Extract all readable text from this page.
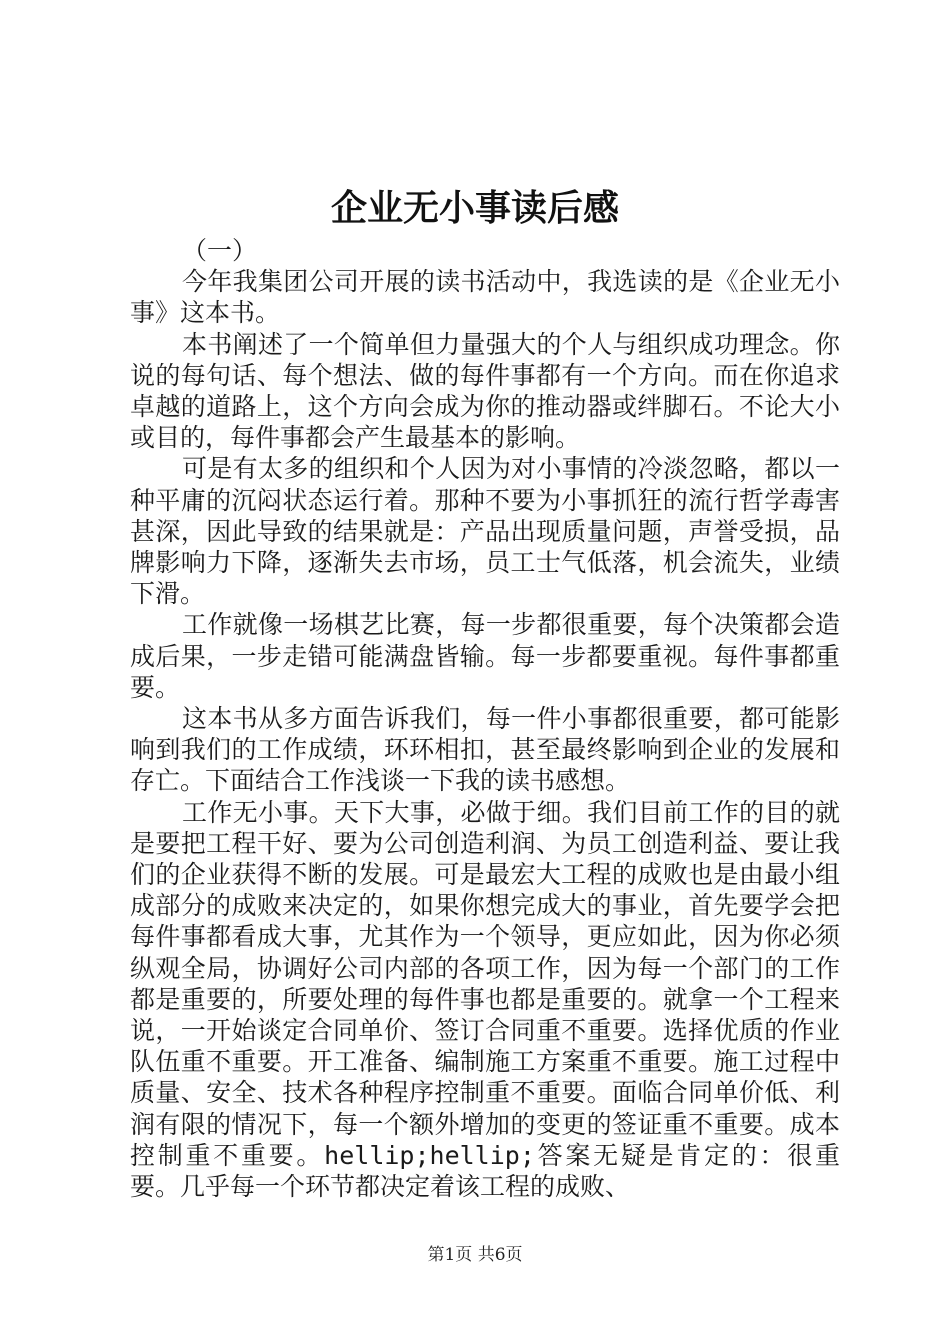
企业无小事读后感

（一）

今年我集团公司开展的读书活动中，我选读的是《企业无小事》这本书。

本书阐述了一个简单但力量强大的个人与组织成功理念。你说的每句话、每个想法、做的每件事都有一个方向。而在你追求卓越的道路上，这个方向会成为你的推动器或绊脚石。不论大小或目的，每件事都会产生最基本的影响。

可是有太多的组织和个人因为对小事情的冷淡忽略，都以一种平庸的沉闷状态运行着。那种不要为小事抓狂的流行哲学毒害甚深，因此导致的结果就是：产品出现质量问题，声誉受损，品牌影响力下降，逐渐失去市场，员工士气低落，机会流失，业绩下滑。

工作就像一场棋艺比赛，每一步都很重要，每个决策都会造成后果，一步走错可能满盘皆输。每一步都要重视。每件事都重要。

这本书从多方面告诉我们，每一件小事都很重要，都可能影响到我们的工作成绩，环环相扣，甚至最终影响到企业的发展和存亡。下面结合工作浅谈一下我的读书感想。

工作无小事。天下大事，必做于细。我们目前工作的目的就是要把工程干好、要为公司创造利润、为员工创造利益、要让我们的企业获得不断的发展。可是最宏大工程的成败也是由最小组成部分的成败来决定的，如果你想完成大的事业，首先要学会把每件事都看成大事，尤其作为一个领导，更应如此，因为你必须纵观全局，协调好公司内部的各项工作，因为每一个部门的工作都是重要的，所要处理的每件事也都是重要的。就拿一个工程来说，一开始谈定合同单价、签订合同重不重要。选择优质的作业队伍重不重要。开工准备、编制施工方案重不重要。施工过程中质量、安全、技术各种程序控制重不重要。面临合同单价低、利润有限的情况下，每一个额外增加的变更的签证重不重要。成本控制重不重要。hellip;hellip;答案无疑是肯定的：很重要。几乎每一个环节都决定着该工程的成败、

第1页 共6页
